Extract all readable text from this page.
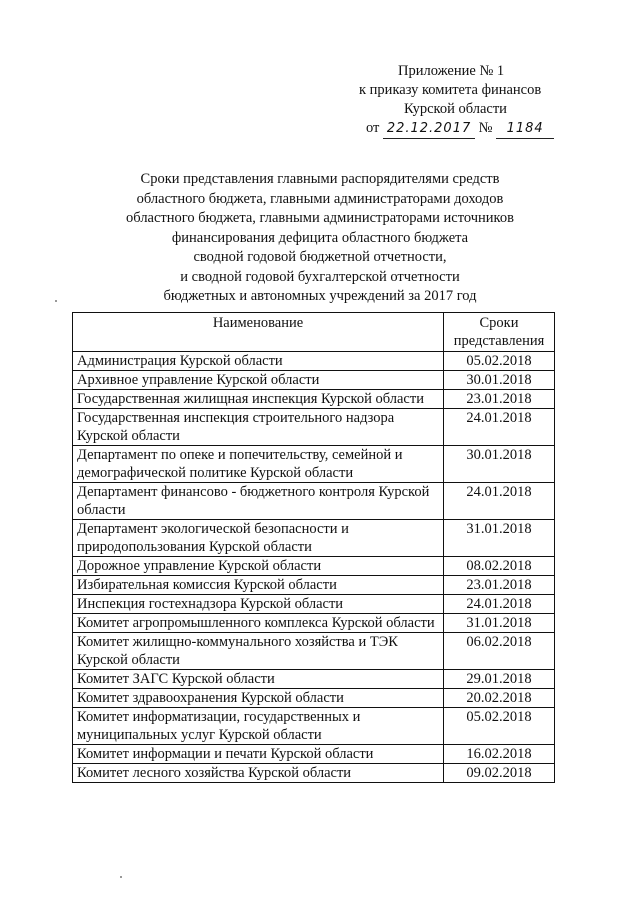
Приложение № 1
к приказу комитета финансов
Курской области
от 22.12.2017 № 1184
Сроки представления главными распорядителями средств
областного бюджета, главными администраторами доходов
областного бюджета, главными администраторами источников
финансирования дефицита областного бюджета
сводной годовой бюджетной отчетности,
и сводной годовой бухгалтерской отчетности
бюджетных и автономных учреждений за 2017 год
Наименование	Сроки
представления

Администрация Курской области	05.02.2018
Архивное управление Курской области	30.01.2018
Государственная жилищная инспекция Курской области	23.01.2018
Государственная инспекция строительного надзора Курской области	24.01.2018
Департамент по опеке и попечительству, семейной и демографической политике Курской области	30.01.2018
Департамент финансово - бюджетного контроля Курской области	24.01.2018
Департамент экологической безопасности и природопользования Курской области	31.01.2018
Дорожное управление Курской области	08.02.2018
Избирательная комиссия Курской области	23.01.2018
Инспекция гостехнадзора Курской области	24.01.2018
Комитет агропромышленного комплекса Курской области	31.01.2018
Комитет жилищно-коммунального хозяйства и ТЭК Курской области	06.02.2018
Комитет ЗАГС Курской области	29.01.2018
Комитет здравоохранения Курской области	20.02.2018
Комитет информатизации, государственных и муниципальных услуг Курской области	05.02.2018
Комитет информации и печати Курской области	16.02.2018
Комитет лесного хозяйства Курской области	09.02.2018
